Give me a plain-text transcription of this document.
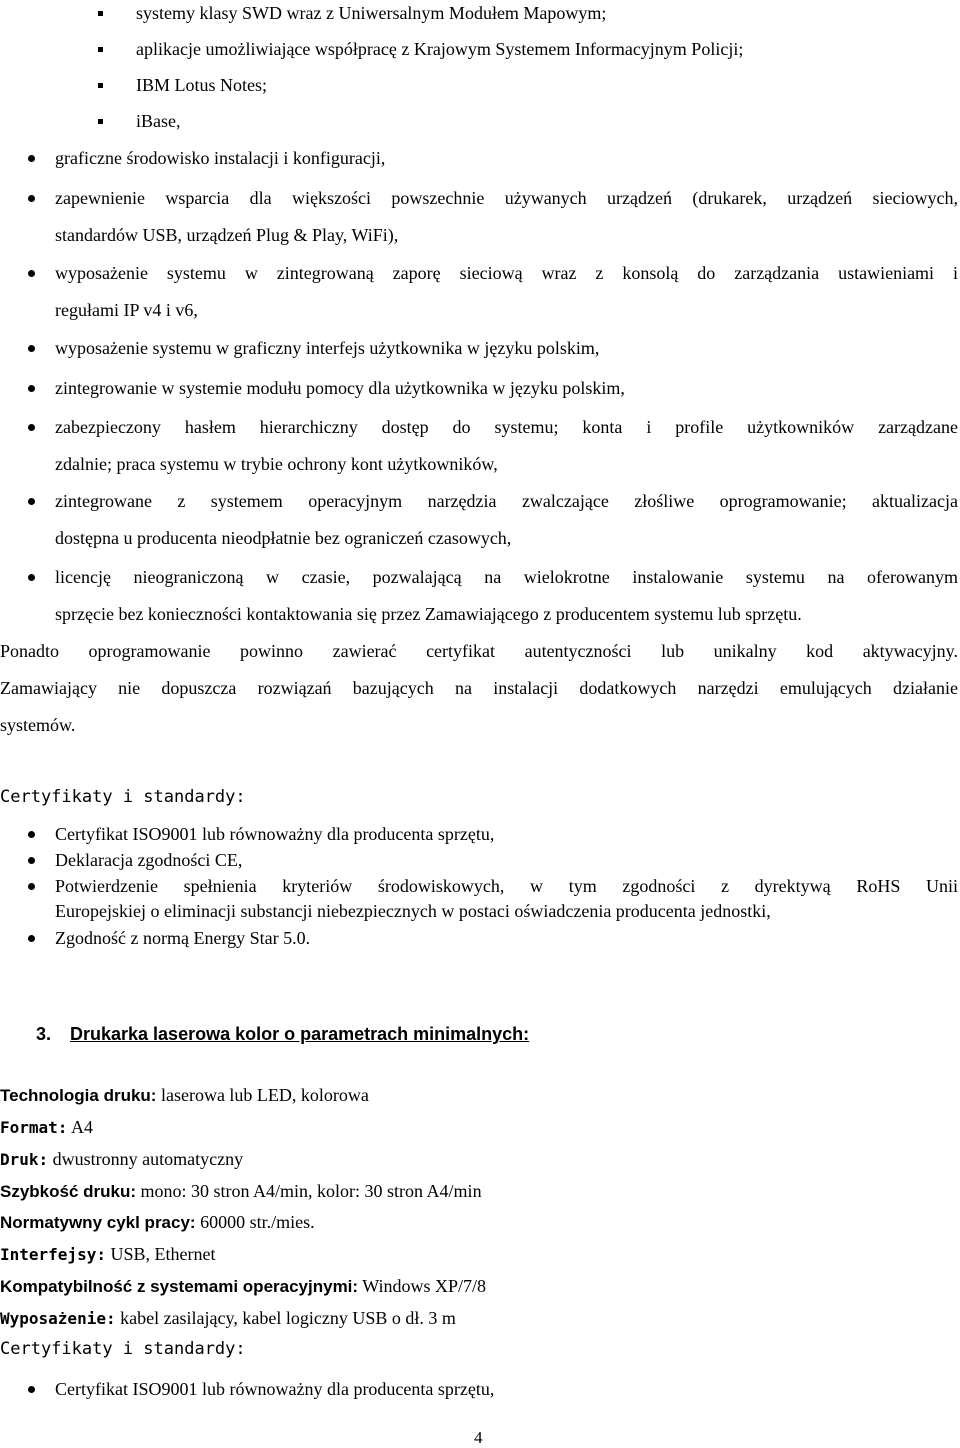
systemy klasy SWD wraz z Uniwersalnym Modułem Mapowym;
aplikacje umożliwiające współpracę z Krajowym Systemem Informacyjnym Policji;
IBM Lotus Notes;
iBase,
graficzne środowisko instalacji i konfiguracji,
zapewnienie wsparcia dla większości powszechnie używanych urządzeń (drukarek, urządzeń sieciowych,
standardów USB, urządzeń Plug & Play, WiFi),
wyposażenie systemu w zintegrowaną zaporę sieciową wraz z konsolą do zarządzania ustawieniami i
regułami IP v4 i v6,
wyposażenie systemu w graficzny interfejs użytkownika w języku polskim,
zintegrowanie w systemie modułu pomocy dla użytkownika w języku polskim,
zabezpieczony hasłem hierarchiczny dostęp do systemu; konta i profile użytkowników zarządzane
zdalnie; praca systemu w trybie ochrony kont użytkowników,
zintegrowane z systemem operacyjnym narzędzia zwalczające złośliwe oprogramowanie; aktualizacja
dostępna u producenta nieodpłatnie bez ograniczeń czasowych,
licencję nieograniczoną w czasie, pozwalającą na wielokrotne instalowanie systemu na oferowanym
sprzęcie bez konieczności kontaktowania się przez Zamawiającego z producentem systemu lub sprzętu.
Ponadto oprogramowanie powinno zawierać certyfikat autentyczności lub unikalny kod aktywacyjny.
Zamawiający nie dopuszcza rozwiązań bazujących na instalacji dodatkowych narzędzi emulujących działanie
systemów.
Certyfikaty i standardy:
Certyfikat ISO9001 lub równoważny dla producenta sprzętu,
Deklaracja zgodności CE,
Potwierdzenie spełnienia kryteriów środowiskowych, w tym zgodności z dyrektywą RoHS Unii
Europejskiej o eliminacji substancji niebezpiecznych w postaci oświadczenia producenta jednostki,
Zgodność z normą Energy Star 5.0.
3. Drukarka laserowa kolor o parametrach minimalnych:
Technologia druku: laserowa lub LED, kolorowa
Format: A4
Druk: dwustronny automatyczny
Szybkość druku: mono: 30 stron A4/min, kolor: 30 stron A4/min
Normatywny cykl pracy: 60000 str./mies.
Interfejsy: USB, Ethernet
Kompatybilność z systemami operacyjnymi: Windows XP/7/8
Wyposażenie: kabel zasilający, kabel logiczny USB o dł. 3 m
Certyfikaty i standardy:
Certyfikat ISO9001 lub równoważny dla producenta sprzętu,
4
